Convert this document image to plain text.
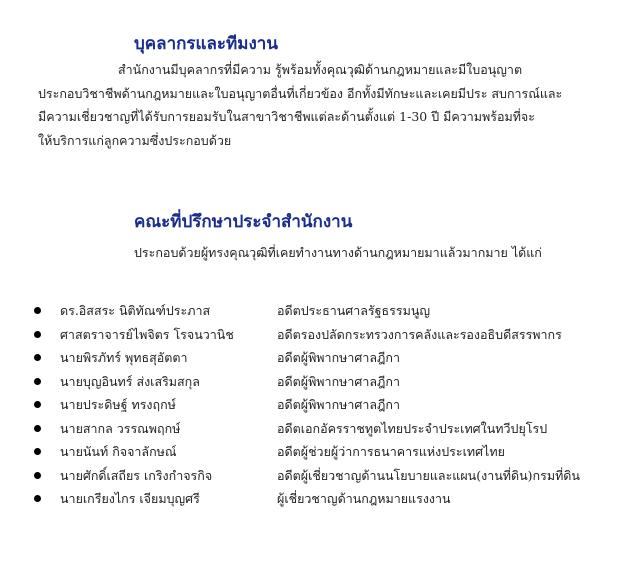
บุคลากรและทีมงาน
สำนักงานมีบุคลากรที่มีความ รู้พร้อมทั้งคุณวุฒิด้านกฎหมายและมีใบอนุญาต
ประกอบวิชาชีพด้านกฎหมายและใบอนุญาตอื่นที่เกี่ยวข้อง อีกทั้งมีทักษะและเคยมีประ สบการณ์และ
มีความเชี่ยวชาญที่ได้รับการยอมรับในสาขาวิชาชีพแต่ละด้านตั้งแต่ 1-30 ปี มีความพร้อมที่จะ
ให้บริการแก่ลูกความซึ่งประกอบด้วย
คณะที่ปรึกษาประจำสำนักงาน
ประกอบด้วยผู้ทรงคุณวุฒิที่เคยทำงานทางด้านกฎหมายมาแล้วมากมาย ได้แก่
ดร.อิสสระ นิติทัณฑ์ประภาส	อดีตประธานศาลรัฐธรรมนูญ
ศาสตราจารย์ไพจิตร โรจนวานิช	อดีตรองปลัดกระทรวงการคลังและรองอธิบดีสรรพากร
นายพิรภัทร์ พุทธสุอัตตา	อดีตผู้พิพากษาศาลฎีกา
นายบุญอินทร์ ส่งเสริมสกุล	อดีตผู้พิพากษาศาลฎีกา
นายประดิษฐ์ ทรงฤกษ์	อดีตผู้พิพากษาศาลฎีกา
นายสากล วรรณพฤกษ์	อดีตเอกอัครราชทูตไทยประจำประเทศในทวีปยุโรป
นายนันท์ กิจจาลักษณ์	อดีตผู้ช่วยผู้ว่าการธนาคารแห่งประเทศไทย
นายศักดิ์เสถียร เกริงกำจรกิจ	อดีตผู้เชี่ยวชาญด้านนโยบายและแผน(งานที่ดิน)กรมที่ดิน
นายเกรียงไกร เจียมบุญศรี	ผู้เชี่ยวชาญด้านกฎหมายแรงงาน
